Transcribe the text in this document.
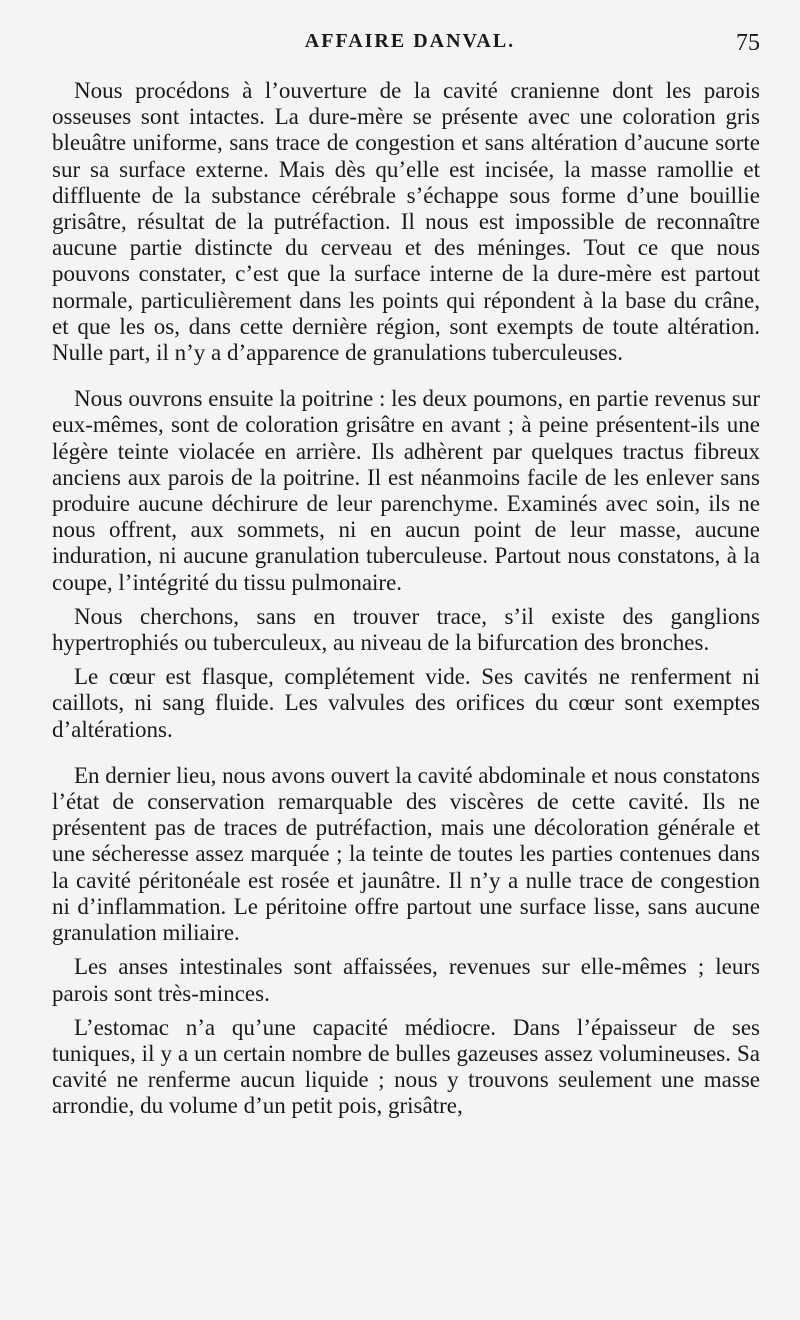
AFFAIRE DANVAL.	75

Nous procédons à l’ouverture de la cavité cranienne dont les parois osseuses sont intactes. La dure-mère se présente avec une coloration gris bleuâtre uniforme, sans trace de congestion et sans altération d’aucune sorte sur sa surface externe. Mais dès qu’elle est incisée, la masse ramollie et diffluente de la substance cérébrale s’échappe sous forme d’une bouillie grisâtre, résultat de la putréfaction. Il nous est impossible de reconnaître aucune partie distincte du cerveau et des méninges. Tout ce que nous pouvons constater, c’est que la surface interne de la dure-mère est partout normale, particulièrement dans les points qui répondent à la base du crâne, et que les os, dans cette dernière région, sont exempts de toute altération. Nulle part, il n’y a d’apparence de granulations tuberculeuses.

Nous ouvrons ensuite la poitrine : les deux poumons, en partie revenus sur eux-mêmes, sont de coloration grisâtre en avant ; à peine présentent-ils une légère teinte violacée en arrière. Ils adhèrent par quelques tractus fibreux anciens aux parois de la poitrine. Il est néanmoins facile de les enlever sans produire aucune déchirure de leur parenchyme. Examinés avec soin, ils ne nous offrent, aux sommets, ni en aucun point de leur masse, aucune induration, ni aucune granulation tuberculeuse. Partout nous constatons, à la coupe, l’intégrité du tissu pulmonaire.

Nous cherchons, sans en trouver trace, s’il existe des ganglions hypertrophiés ou tuberculeux, au niveau de la bifurcation des bronches.

Le cœur est flasque, complétement vide. Ses cavités ne renferment ni caillots, ni sang fluide. Les valvules des orifices du cœur sont exemptes d’altérations.

En dernier lieu, nous avons ouvert la cavité abdominale et nous constatons l’état de conservation remarquable des viscères de cette cavité. Ils ne présentent pas de traces de putréfaction, mais une décoloration générale et une sécheresse assez marquée ; la teinte de toutes les parties contenues dans la cavité péritonéale est rosée et jaunâtre. Il n’y a nulle trace de congestion ni d’inflammation. Le péritoine offre partout une surface lisse, sans aucune granulation miliaire.

Les anses intestinales sont affaissées, revenues sur elle-mêmes ; leurs parois sont très-minces.

L’estomac n’a qu’une capacité médiocre. Dans l’épaisseur de ses tuniques, il y a un certain nombre de bulles gazeuses assez volumineuses. Sa cavité ne renferme aucun liquide ; nous y trouvons seulement une masse arrondie, du volume d’un petit pois, grisâtre,
